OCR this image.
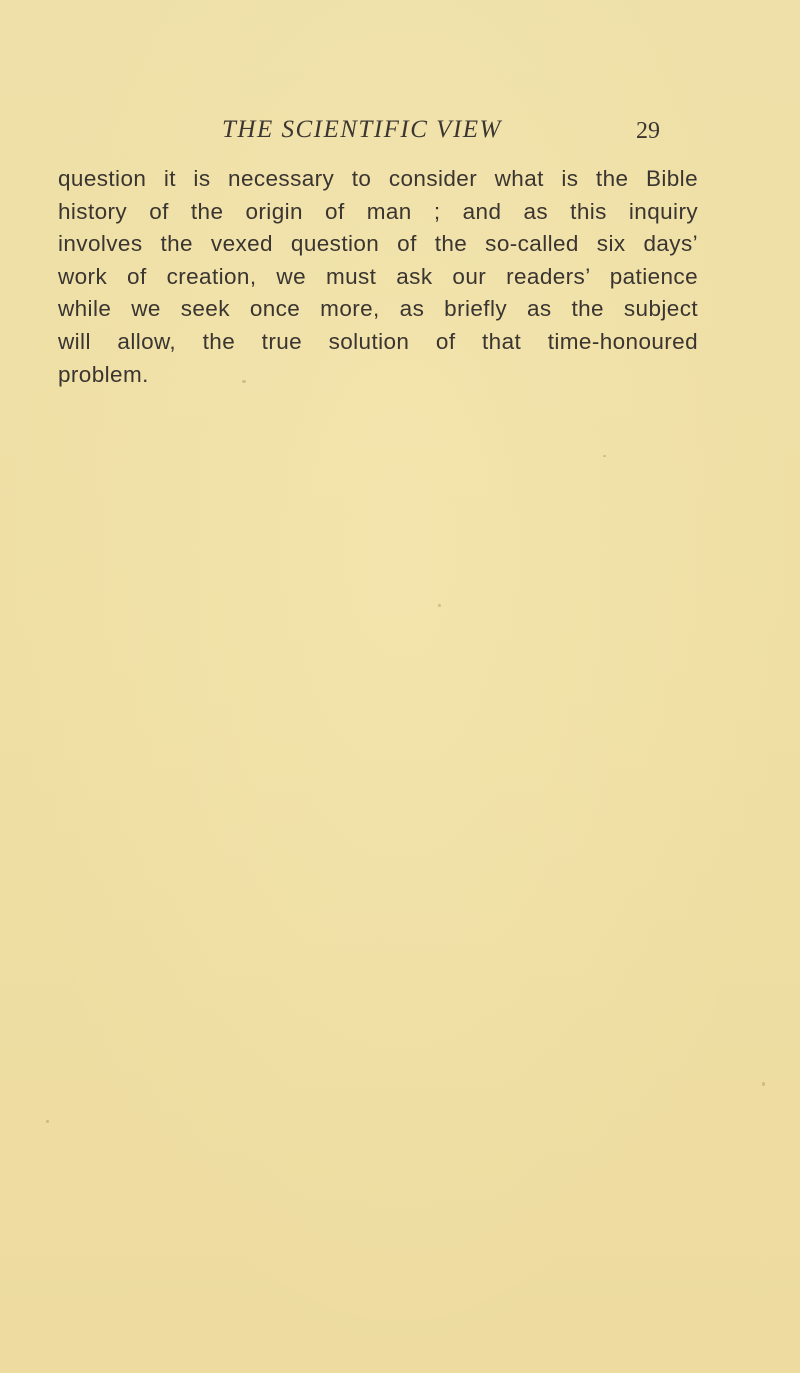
THE SCIENTIFIC VIEW	29
question it is necessary to consider what is the Bible
history of the origin of man ; and as this inquiry
involves the vexed question of the so-called six days’
work of creation, we must ask our readers’ patience
while we seek once more, as briefly as the subject
will allow, the true solution of that time-honoured
problem.
